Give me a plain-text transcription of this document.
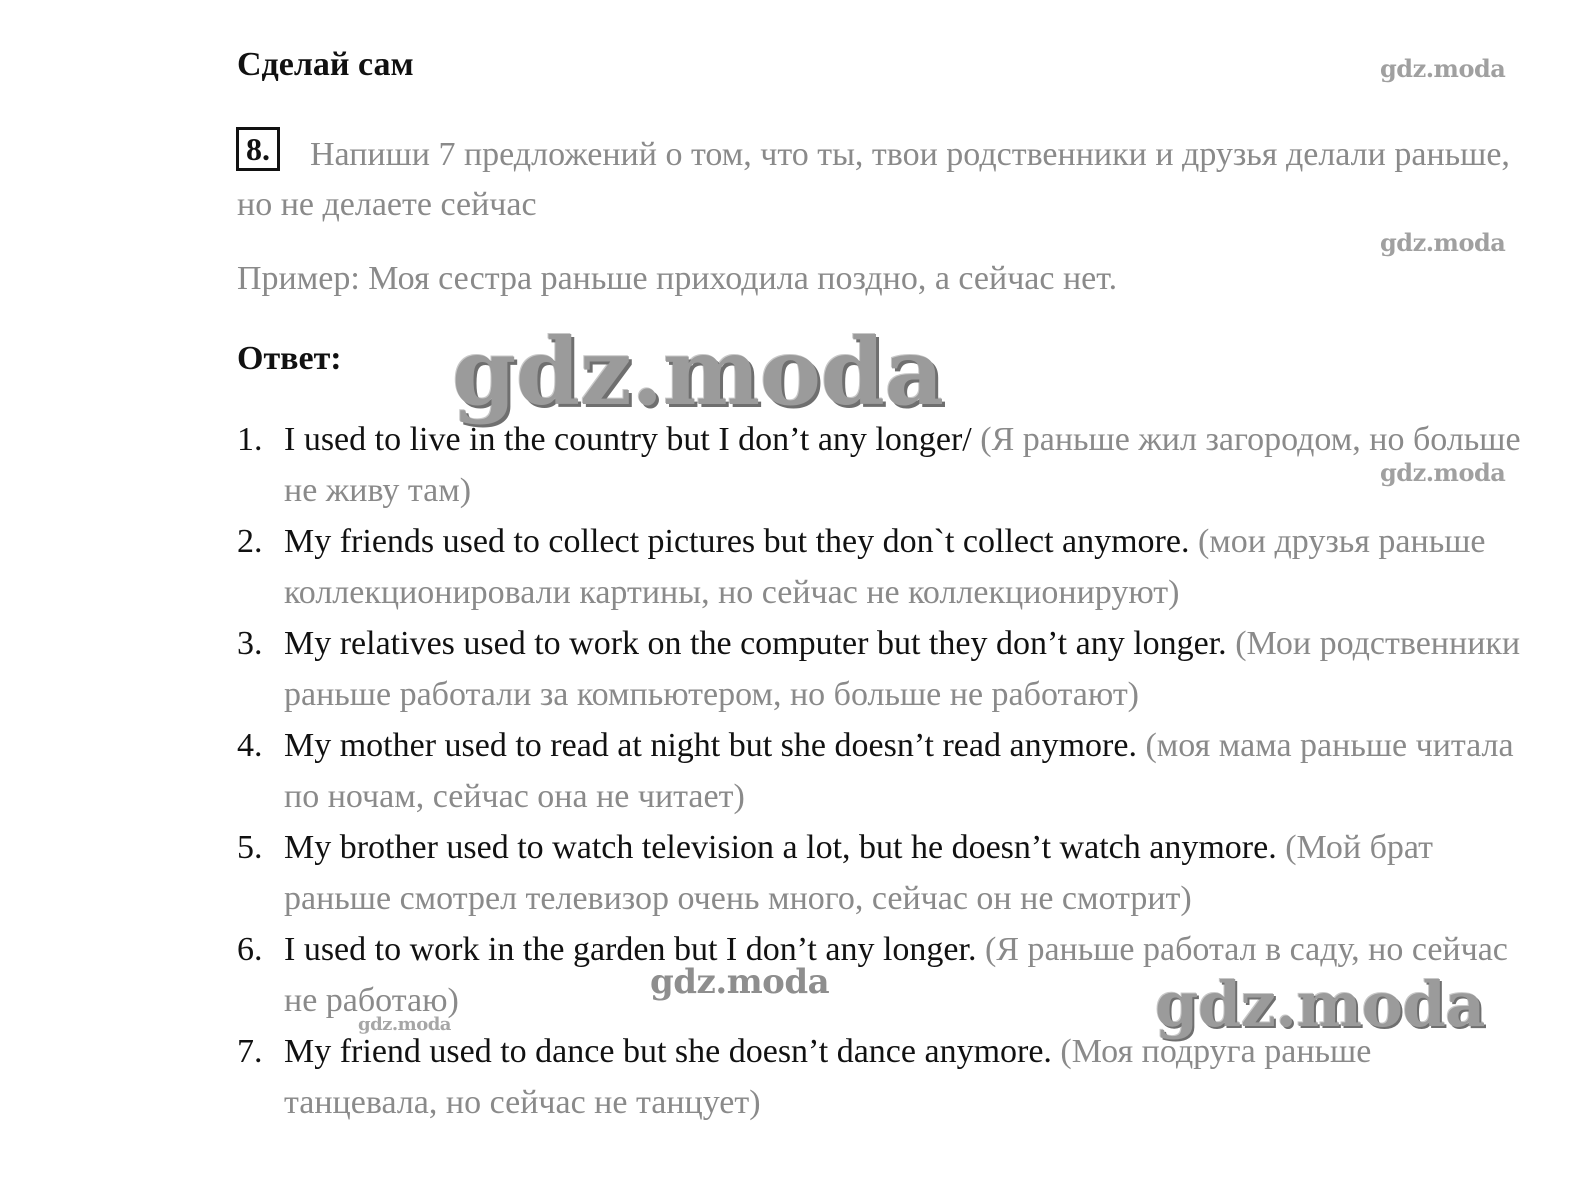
Сделай сам
8.	Напиши 7 предложений о том, что ты, твои родственники и друзья делали раньше, но не делаете сейчас
Пример: Моя сестра раньше приходила поздно, а сейчас нет.
Ответ:
1. I used to live in the country but I don’t any longer/ (Я раньше жил загородом, но больше не живу там)
2. My friends used to collect pictures but they don`t collect anymore. (мои друзья раньше коллекционировали картины, но сейчас не коллекционируют)
3. My relatives used to work on the computer but they don’t any longer. (Мои родственники раньше работали за компьютером, но больше не работают)
4. My mother used to read at night but she doesn’t read anymore. (моя мама раньше читала по ночам, сейчас она не читает)
5. My brother used to watch television a lot, but he doesn’t watch anymore. (Мой брат раньше смотрел телевизор очень много, сейчас он не смотрит)
6. I used to work in the garden but I don’t any longer. (Я раньше работал в саду, но сейчас не работаю)
7. My friend used to dance but she doesn’t dance anymore. (Моя подруга раньше танцевала, но сейчас не танцует)
gdz.moda
gdz.moda
gdz.moda
gdz.moda
gdz.moda	gdz.moda
gdz.moda
